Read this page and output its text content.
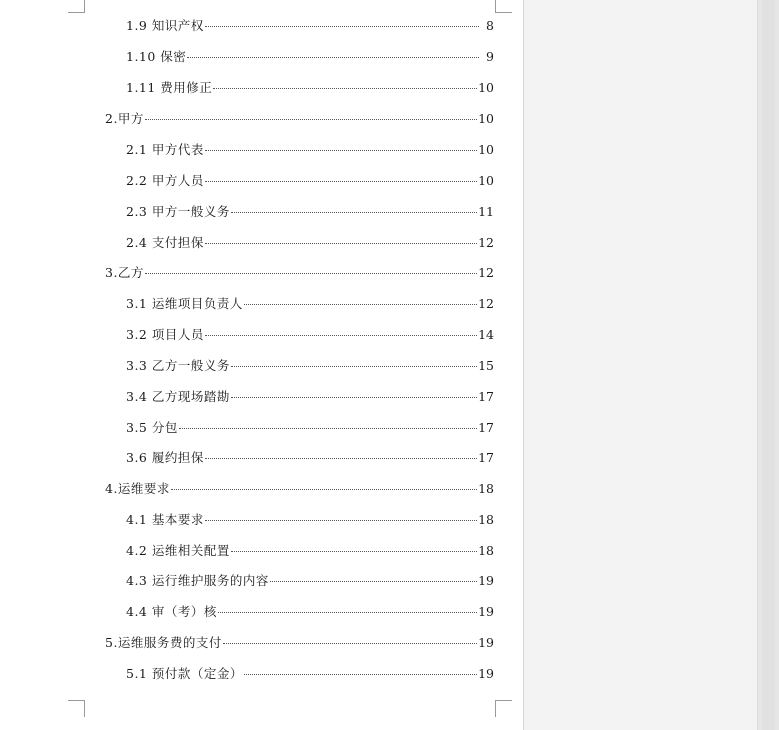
1.9 知识产权	8
1.10 保密	9
1.11 费用修正	10
2.甲方	10
2.1 甲方代表	10
2.2 甲方人员	10
2.3 甲方一般义务	11
2.4 支付担保	12
3.乙方	12
3.1 运维项目负责人	12
3.2 项目人员	14
3.3 乙方一般义务	15
3.4 乙方现场踏勘	17
3.5 分包	17
3.6 履约担保	17
4.运维要求	18
4.1 基本要求	18
4.2 运维相关配置	18
4.3 运行维护服务的内容	19
4.4 审（考）核	19
5.运维服务费的支付	19
5.1 预付款（定金）	19
